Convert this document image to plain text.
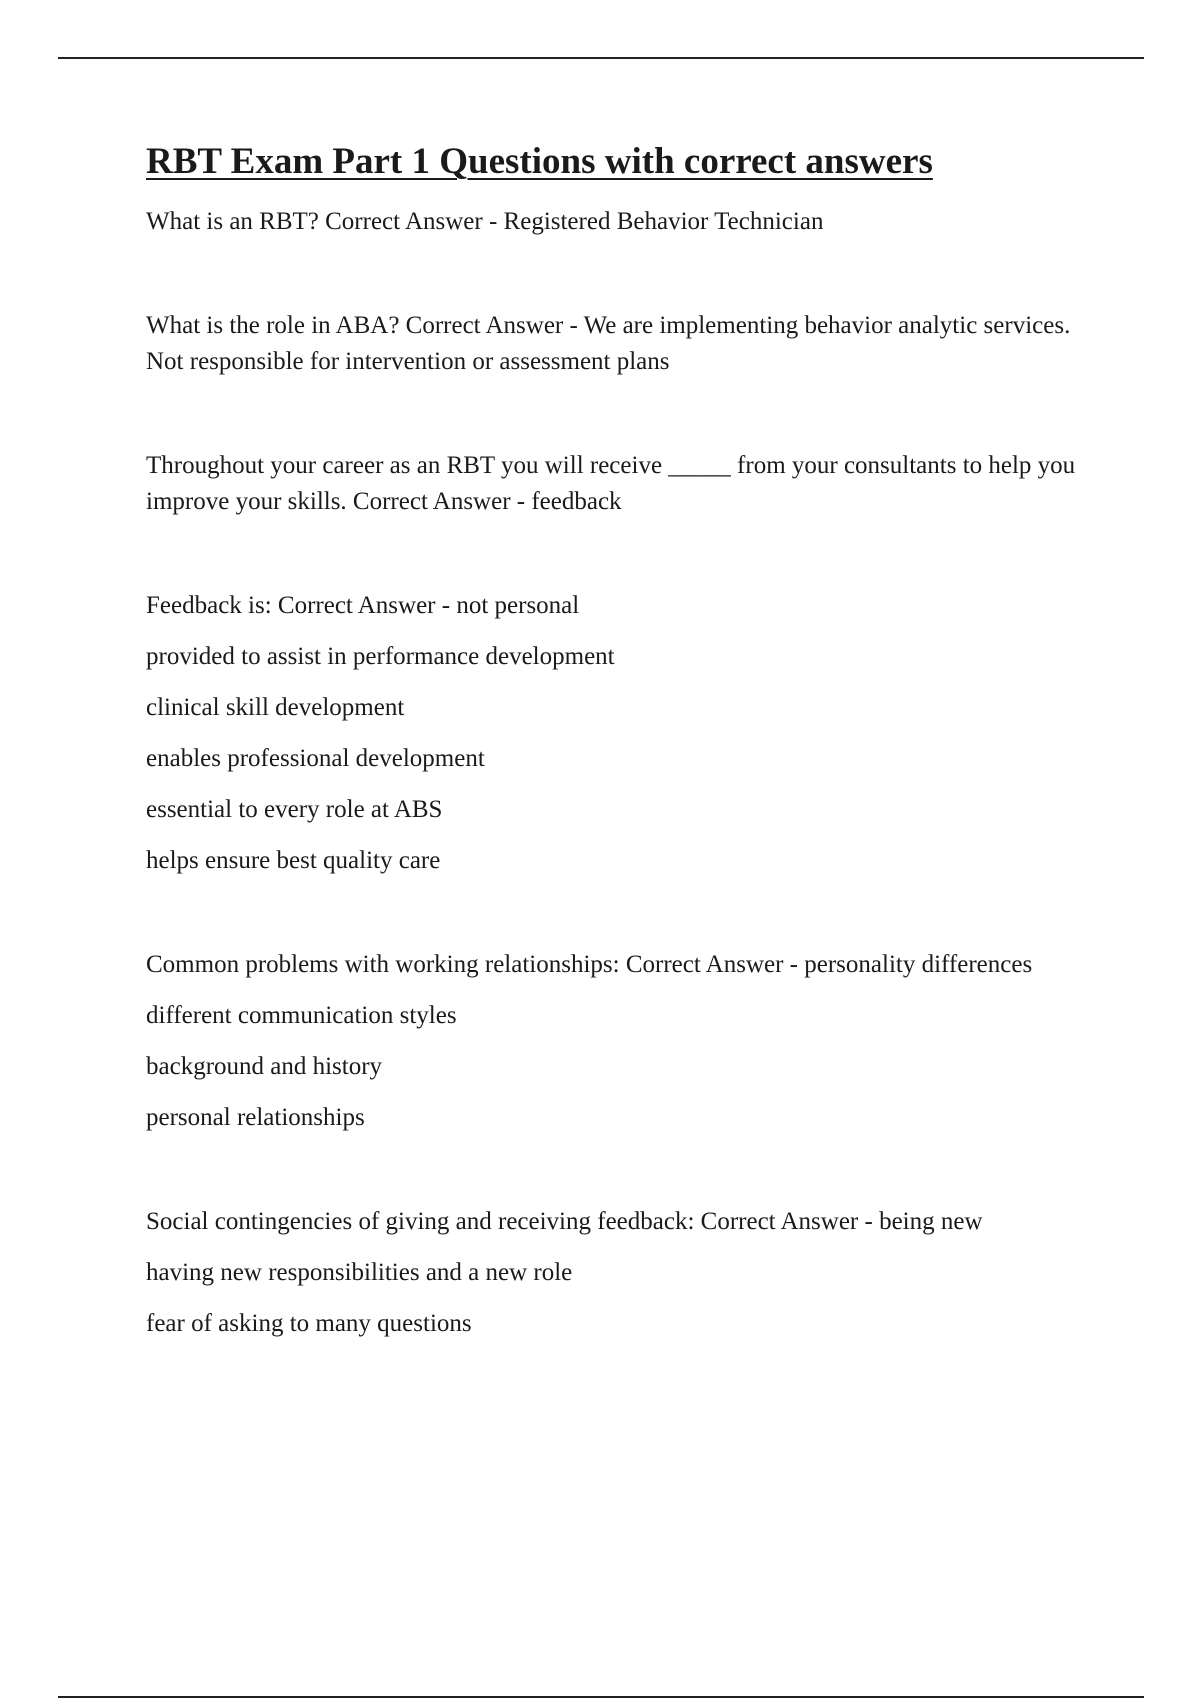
RBT Exam Part 1 Questions with correct answers

What is an RBT? Correct Answer - Registered Behavior Technician

What is the role in ABA? Correct Answer - We are implementing behavior analytic services. Not responsible for intervention or assessment plans

Throughout your career as an RBT you will receive _____ from your consultants to help you improve your skills. Correct Answer - feedback

Feedback is: Correct Answer - not personal

provided to assist in performance development

clinical skill development

enables professional development

essential to every role at ABS

helps ensure best quality care

Common problems with working relationships: Correct Answer - personality differences

different communication styles

background and history

personal relationships

Social contingencies of giving and receiving feedback: Correct Answer - being new

having new responsibilities and a new role

fear of asking to many questions
